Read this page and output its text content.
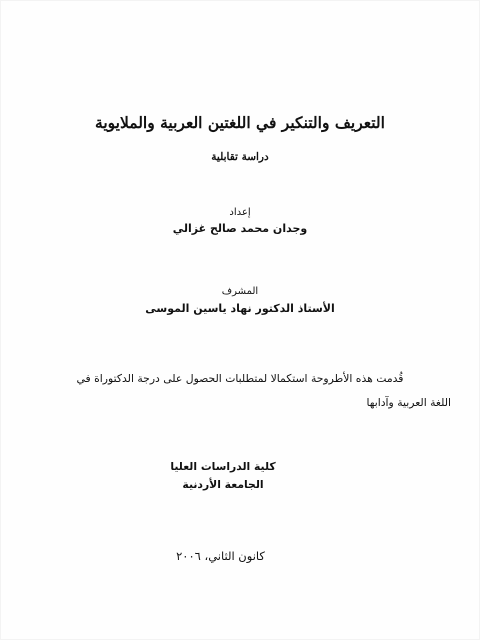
التعريف والتنكير في اللغتين العربية والملايوية
دراسة تقابلية
إعداد
وجدان محمد صالح غزالي
المشرف
الأستاذ الدكتور نهاد ياسين الموسى
قُدمت هذه الأطروحة استكمالا لمتطلبات الحصول على درجة الدكتوراة في
اللغة العربية وآدابها
كلية الدراسات العليا
الجامعة الأردنية
كانون الثاني، ٢٠٠٦
